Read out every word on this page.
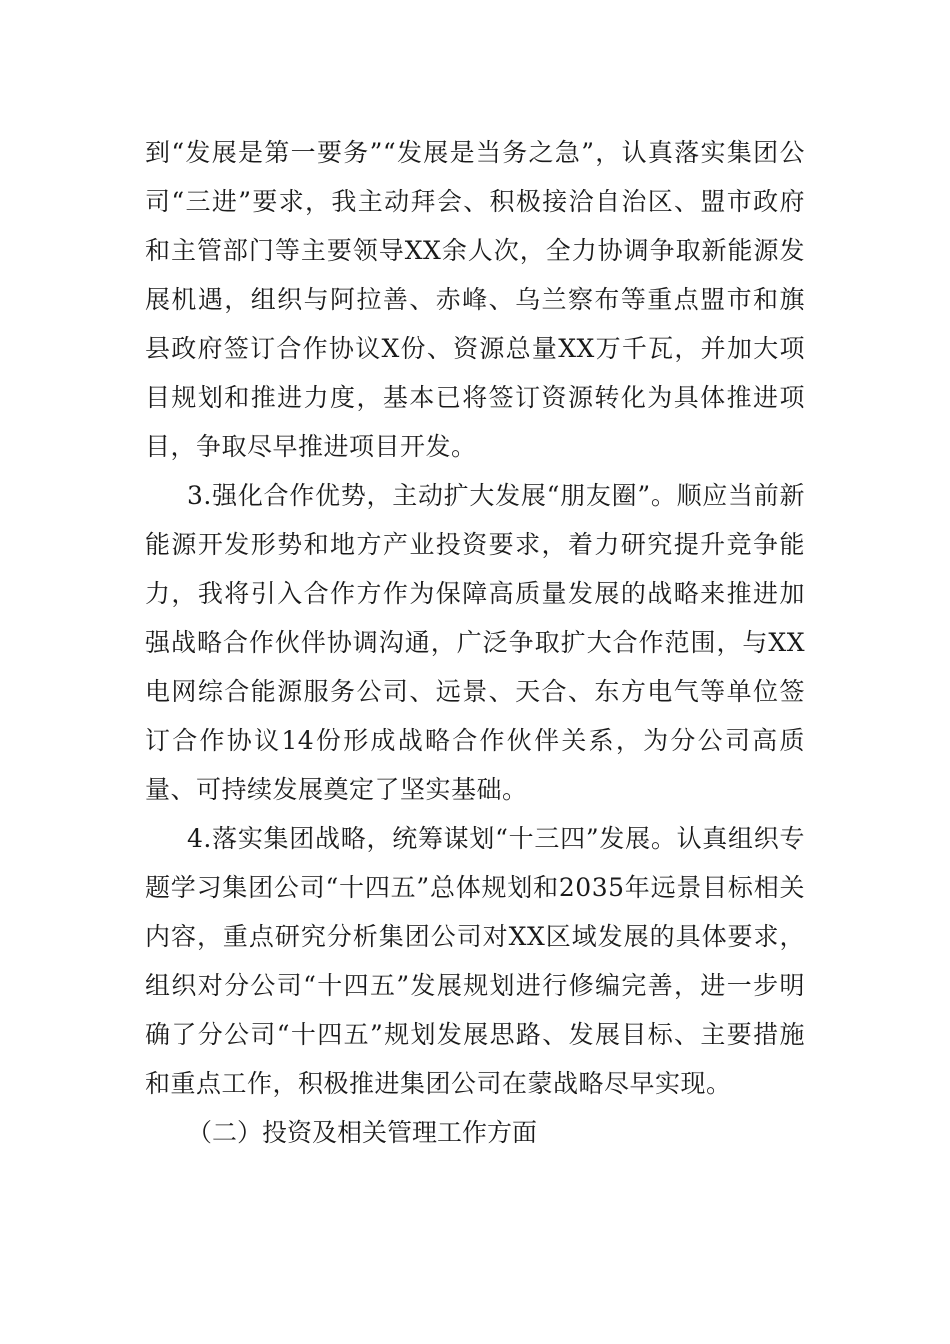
到“发展是第一要务”“发展是当务之急”，认真落实集团公司“三进”要求，我主动拜会、积极接洽自治区、盟市政府和主管部门等主要领导XX余人次，全力协调争取新能源发展机遇，组织与阿拉善、赤峰、乌兰察布等重点盟市和旗县政府签订合作协议X份、资源总量XX万千瓦，并加大项目规划和推进力度，基本已将签订资源转化为具体推进项目，争取尽早推进项目开发。

3.强化合作优势，主动扩大发展“朋友圈”。顺应当前新能源开发形势和地方产业投资要求，着力研究提升竞争能力，我将引入合作方作为保障高质量发展的战略来推进加强战略合作伙伴协调沟通，广泛争取扩大合作范围，与XX电网综合能源服务公司、远景、天合、东方电气等单位签订合作协议14份形成战略合作伙伴关系，为分公司高质量、可持续发展奠定了坚实基础。

4.落实集团战略，统筹谋划“十三四”发展。认真组织专题学习集团公司“十四五”总体规划和2035年远景目标相关内容，重点研究分析集团公司对XX区域发展的具体要求，组织对分公司“十四五”发展规划进行修编完善，进一步明确了分公司“十四五”规划发展思路、发展目标、主要措施和重点工作，积极推进集团公司在蒙战略尽早实现。

（二）投资及相关管理工作方面
